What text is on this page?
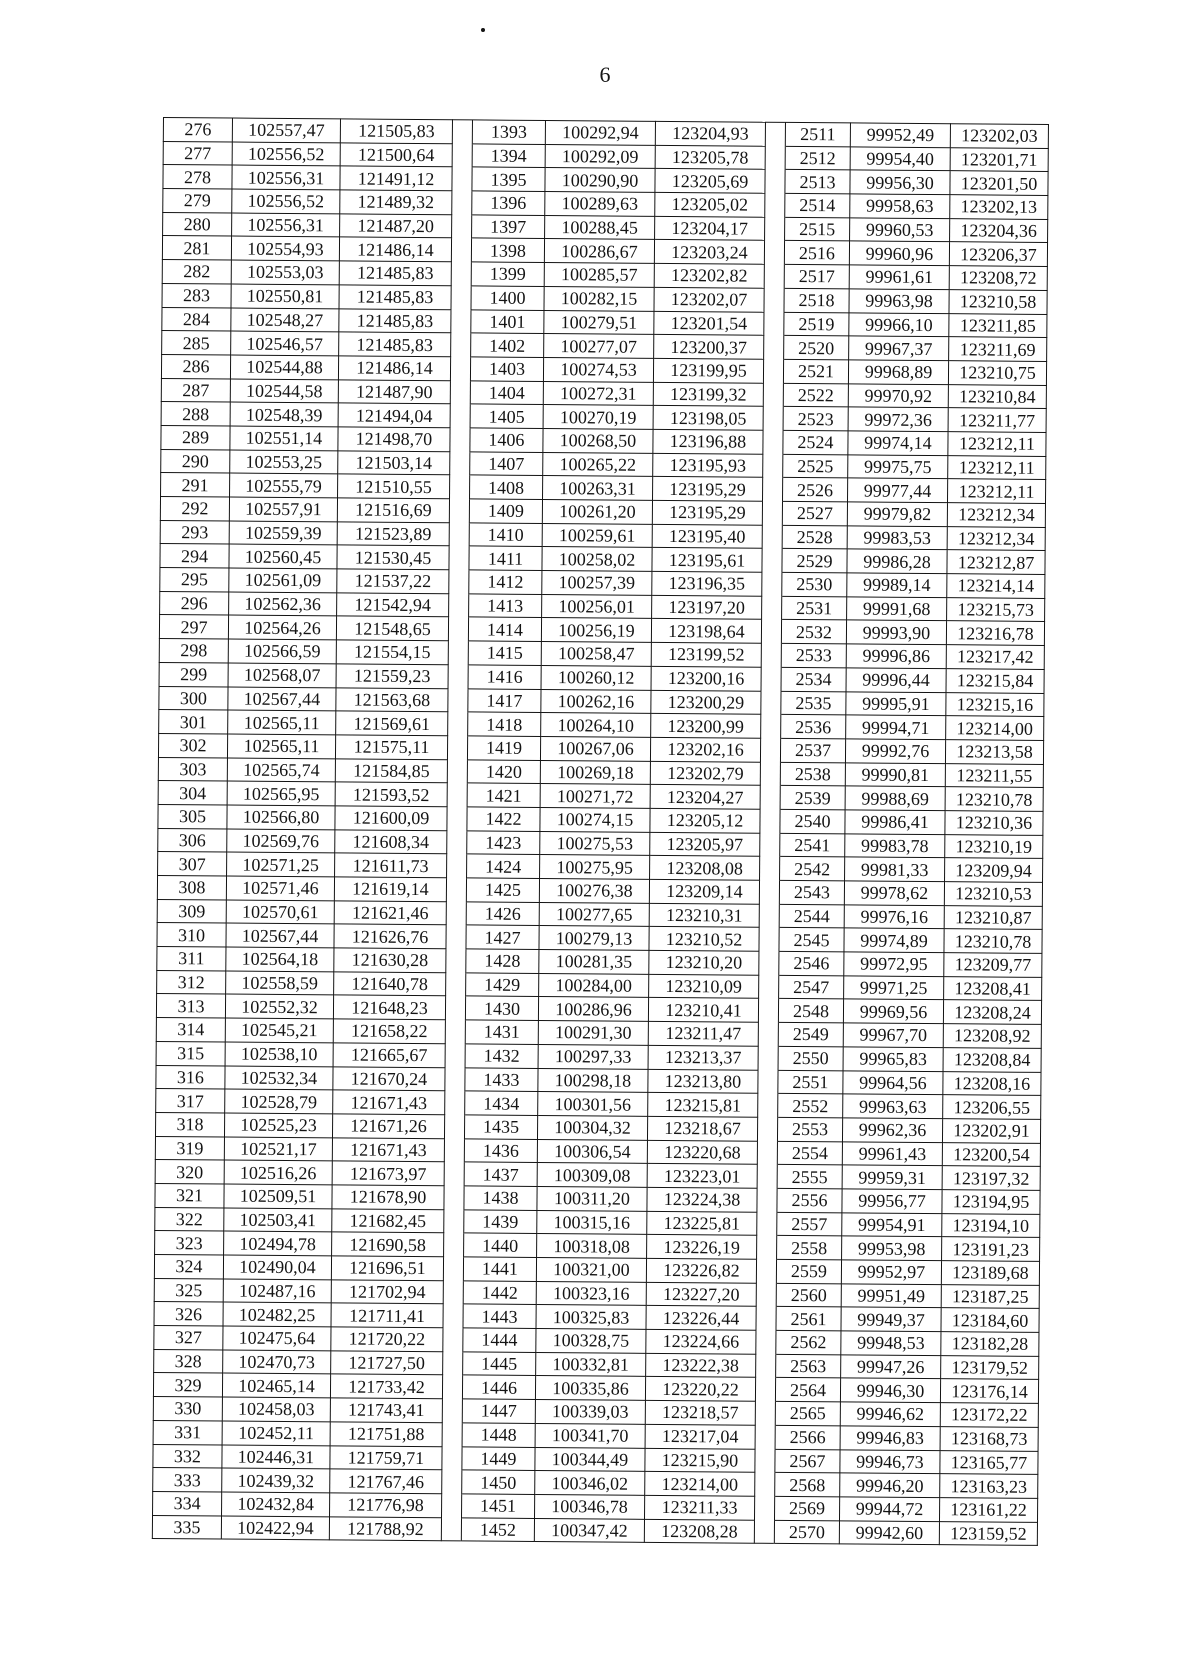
6
276	102557,47	121505,83		1393	100292,94	123204,93		2511	99952,49	123202,03
277	102556,52	121500,64		1394	100292,09	123205,78		2512	99954,40	123201,71
278	102556,31	121491,12		1395	100290,90	123205,69		2513	99956,30	123201,50
279	102556,52	121489,32		1396	100289,63	123205,02		2514	99958,63	123202,13
280	102556,31	121487,20		1397	100288,45	123204,17		2515	99960,53	123204,36
281	102554,93	121486,14		1398	100286,67	123203,24		2516	99960,96	123206,37
282	102553,03	121485,83		1399	100285,57	123202,82		2517	99961,61	123208,72
283	102550,81	121485,83		1400	100282,15	123202,07		2518	99963,98	123210,58
284	102548,27	121485,83		1401	100279,51	123201,54		2519	99966,10	123211,85
285	102546,57	121485,83		1402	100277,07	123200,37		2520	99967,37	123211,69
286	102544,88	121486,14		1403	100274,53	123199,95		2521	99968,89	123210,75
287	102544,58	121487,90		1404	100272,31	123199,32		2522	99970,92	123210,84
288	102548,39	121494,04		1405	100270,19	123198,05		2523	99972,36	123211,77
289	102551,14	121498,70		1406	100268,50	123196,88		2524	99974,14	123212,11
290	102553,25	121503,14		1407	100265,22	123195,93		2525	99975,75	123212,11
291	102555,79	121510,55		1408	100263,31	123195,29		2526	99977,44	123212,11
292	102557,91	121516,69		1409	100261,20	123195,29		2527	99979,82	123212,34
293	102559,39	121523,89		1410	100259,61	123195,40		2528	99983,53	123212,34
294	102560,45	121530,45		1411	100258,02	123195,61		2529	99986,28	123212,87
295	102561,09	121537,22		1412	100257,39	123196,35		2530	99989,14	123214,14
296	102562,36	121542,94		1413	100256,01	123197,20		2531	99991,68	123215,73
297	102564,26	121548,65		1414	100256,19	123198,64		2532	99993,90	123216,78
298	102566,59	121554,15		1415	100258,47	123199,52		2533	99996,86	123217,42
299	102568,07	121559,23		1416	100260,12	123200,16		2534	99996,44	123215,84
300	102567,44	121563,68		1417	100262,16	123200,29		2535	99995,91	123215,16
301	102565,11	121569,61		1418	100264,10	123200,99		2536	99994,71	123214,00
302	102565,11	121575,11		1419	100267,06	123202,16		2537	99992,76	123213,58
303	102565,74	121584,85		1420	100269,18	123202,79		2538	99990,81	123211,55
304	102565,95	121593,52		1421	100271,72	123204,27		2539	99988,69	123210,78
305	102566,80	121600,09		1422	100274,15	123205,12		2540	99986,41	123210,36
306	102569,76	121608,34		1423	100275,53	123205,97		2541	99983,78	123210,19
307	102571,25	121611,73		1424	100275,95	123208,08		2542	99981,33	123209,94
308	102571,46	121619,14		1425	100276,38	123209,14		2543	99978,62	123210,53
309	102570,61	121621,46		1426	100277,65	123210,31		2544	99976,16	123210,87
310	102567,44	121626,76		1427	100279,13	123210,52		2545	99974,89	123210,78
311	102564,18	121630,28		1428	100281,35	123210,20		2546	99972,95	123209,77
312	102558,59	121640,78		1429	100284,00	123210,09		2547	99971,25	123208,41
313	102552,32	121648,23		1430	100286,96	123210,41		2548	99969,56	123208,24
314	102545,21	121658,22		1431	100291,30	123211,47		2549	99967,70	123208,92
315	102538,10	121665,67		1432	100297,33	123213,37		2550	99965,83	123208,84
316	102532,34	121670,24		1433	100298,18	123213,80		2551	99964,56	123208,16
317	102528,79	121671,43		1434	100301,56	123215,81		2552	99963,63	123206,55
318	102525,23	121671,26		1435	100304,32	123218,67		2553	99962,36	123202,91
319	102521,17	121671,43		1436	100306,54	123220,68		2554	99961,43	123200,54
320	102516,26	121673,97		1437	100309,08	123223,01		2555	99959,31	123197,32
321	102509,51	121678,90		1438	100311,20	123224,38		2556	99956,77	123194,95
322	102503,41	121682,45		1439	100315,16	123225,81		2557	99954,91	123194,10
323	102494,78	121690,58		1440	100318,08	123226,19		2558	99953,98	123191,23
324	102490,04	121696,51		1441	100321,00	123226,82		2559	99952,97	123189,68
325	102487,16	121702,94		1442	100323,16	123227,20		2560	99951,49	123187,25
326	102482,25	121711,41		1443	100325,83	123226,44		2561	99949,37	123184,60
327	102475,64	121720,22		1444	100328,75	123224,66		2562	99948,53	123182,28
328	102470,73	121727,50		1445	100332,81	123222,38		2563	99947,26	123179,52
329	102465,14	121733,42		1446	100335,86	123220,22		2564	99946,30	123176,14
330	102458,03	121743,41		1447	100339,03	123218,57		2565	99946,62	123172,22
331	102452,11	121751,88		1448	100341,70	123217,04		2566	99946,83	123168,73
332	102446,31	121759,71		1449	100344,49	123215,90		2567	99946,73	123165,77
333	102439,32	121767,46		1450	100346,02	123214,00		2568	99946,20	123163,23
334	102432,84	121776,98		1451	100346,78	123211,33		2569	99944,72	123161,22
335	102422,94	121788,92		1452	100347,42	123208,28		2570	99942,60	123159,52
